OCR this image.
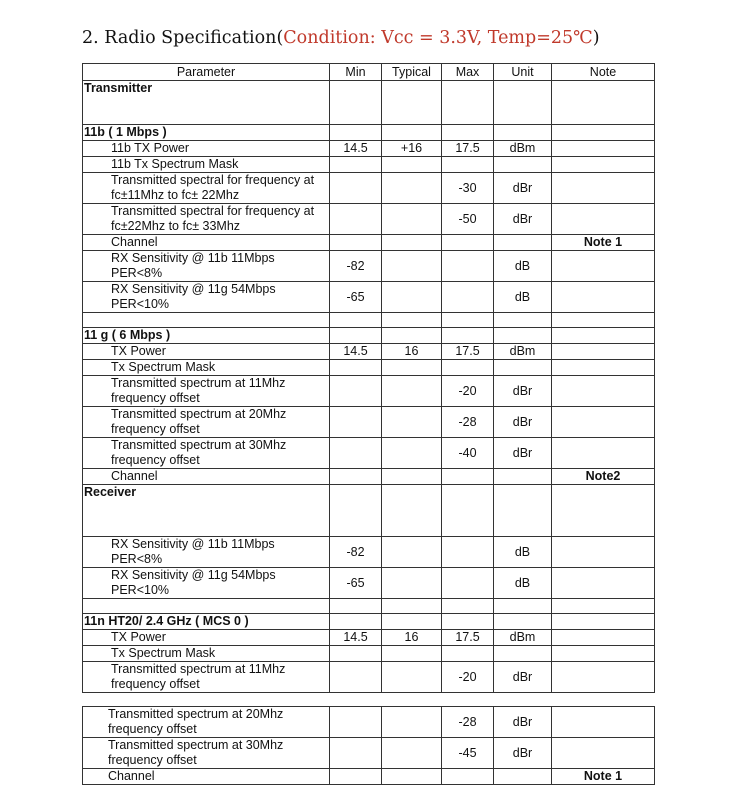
2. Radio Specification(Condition: Vcc = 3.3V, Temp=25℃)
Parameter	Min	Typical	Max	Unit	Note
Transmitter					
11b ( 1 Mbps )					
11b TX Power	14.5	+16	17.5	dBm	
11b Tx Spectrum Mask					

Transmitted spectral for frequency at
fc±11Mhz to fc± 22Mhz			-30	dBr	

Transmitted spectral for frequency at
fc±22Mhz to fc± 33Mhz			-50	dBr	
Channel					Note 1

RX Sensitivity @ 11b 11Mbps
PER<8%	-82			dB	

RX Sensitivity @ 11g 54Mbps
PER<10%	-65			dB	

11 g ( 6 Mbps )					
TX Power	14.5	16	17.5	dBm	
Tx Spectrum Mask					

Transmitted spectrum at 11Mhz
frequency offset			-20	dBr	

Transmitted spectrum at 20Mhz
frequency offset			-28	dBr	

Transmitted spectrum at 30Mhz
frequency offset			-40	dBr	
Channel					Note2
Receiver					

RX Sensitivity @ 11b 11Mbps
PER<8%	-82			dB	

RX Sensitivity @ 11g 54Mbps
PER<10%	-65			dB	

11n HT20/ 2.4 GHz ( MCS 0 )					
TX Power	14.5	16	17.5	dBm	
Tx Spectrum Mask					

Transmitted spectrum at 11Mhz
frequency offset			-20	dBr	
Transmitted spectrum at 20Mhz
frequency offset			-28	dBr	

Transmitted spectrum at 30Mhz
frequency offset			-45	dBr	
Channel					Note 1
